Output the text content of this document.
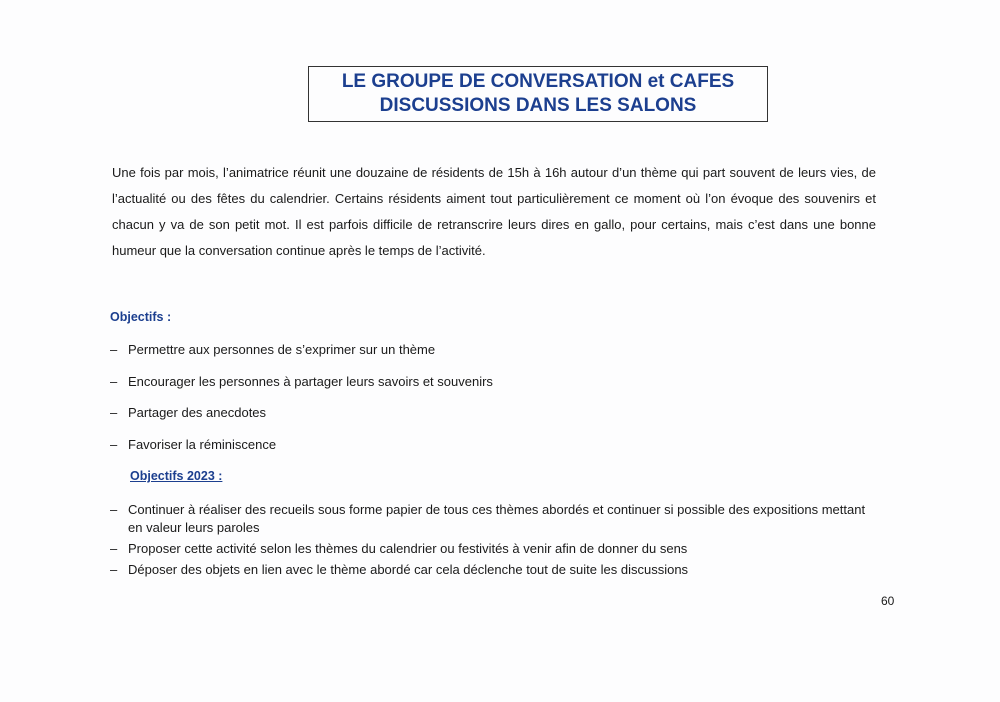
LE GROUPE DE CONVERSATION et CAFES
DISCUSSIONS DANS LES SALONS

Une fois par mois, l’animatrice réunit une douzaine de résidents de 15h à 16h autour d’un thème qui part souvent de leurs vies, de l’actualité ou des fêtes du calendrier. Certains résidents aiment tout particulièrement ce moment où l’on évoque des souvenirs et chacun y va de son petit mot. Il est parfois difficile de retranscrire leurs dires en gallo, pour certains, mais c’est dans une bonne humeur que la conversation continue après le temps de l’activité.

Objectifs :
– Permettre aux personnes de s’exprimer sur un thème
– Encourager les personnes à partager leurs savoirs et souvenirs
– Partager des anecdotes
– Favoriser la réminiscence
Objectifs 2023 :
– Continuer à réaliser des recueils sous forme papier de tous ces thèmes abordés et continuer si possible des expositions mettant en valeur leurs paroles
– Proposer cette activité selon les thèmes du calendrier ou festivités à venir afin de donner du sens
– Déposer des objets en lien avec le thème abordé car cela déclenche tout de suite les discussions
60
